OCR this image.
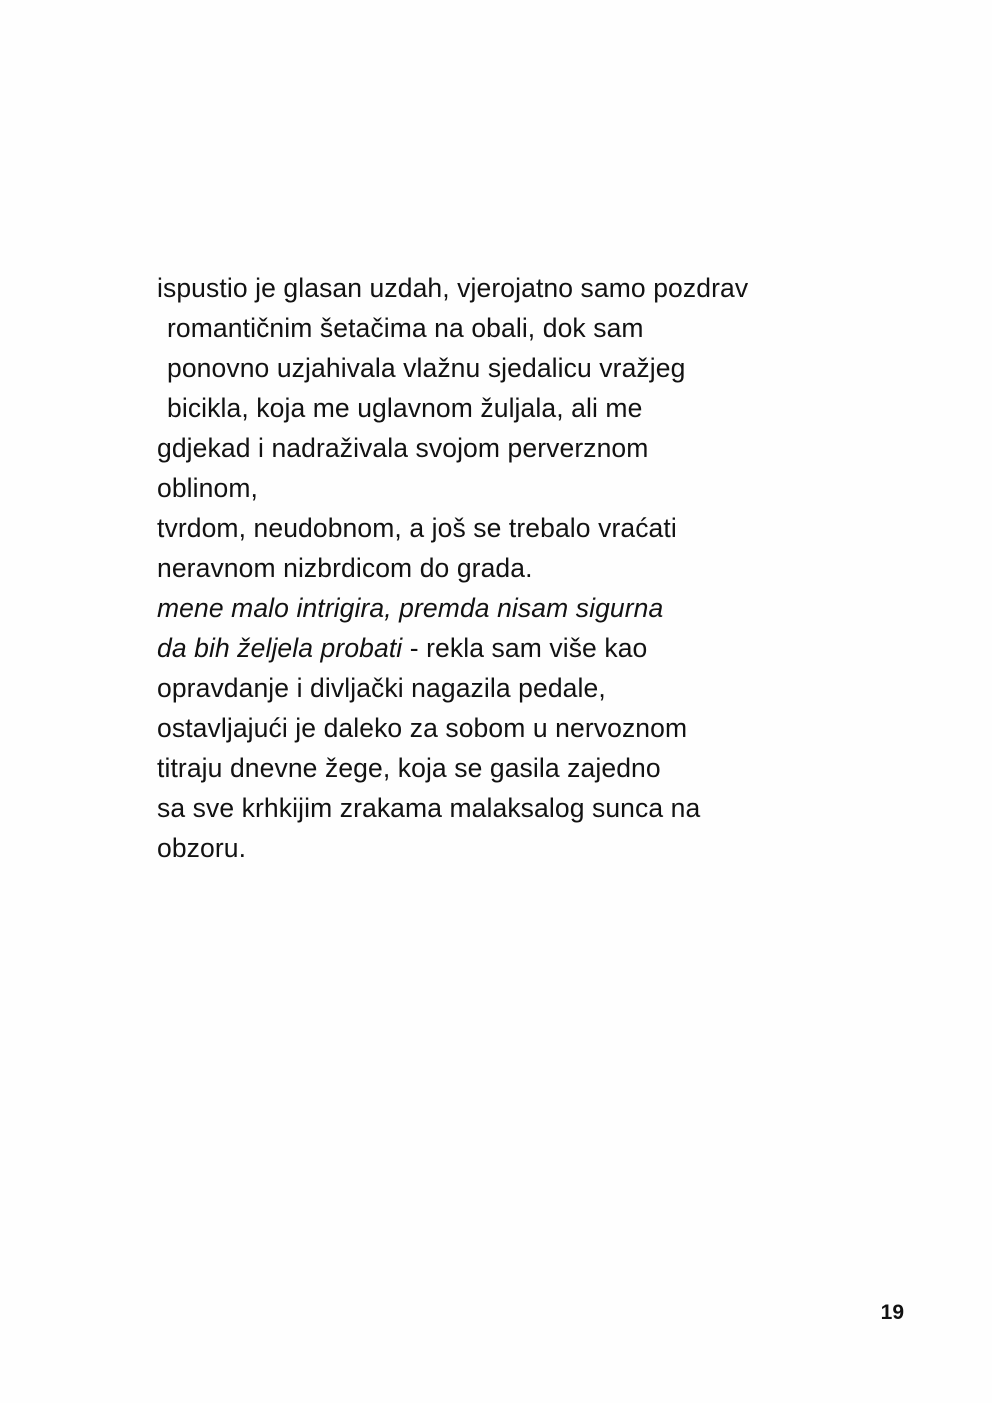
ispustio je glasan uzdah, vjerojatno samo pozdrav
romantičnim šetačima na obali, dok sam
ponovno uzjahivala vlažnu sjedalicu vražjeg
bicikla, koja me uglavnom žuljala, ali me
gdjekad i nadraživala svojom perverznom
oblinom,
tvrdom, neudobnom, a još se trebalo vraćati
neravnom nizbrdicom do grada.
mene malo intrigira, premda nisam sigurna
da bih željela probati - rekla sam više kao
opravdanje i divljački nagazila pedale,
ostavljajući je daleko za sobom u nervoznom
titraju dnevne žege, koja se gasila zajedno
sa sve krhkijim zrakama malaksalog sunca na
obzoru.
19
